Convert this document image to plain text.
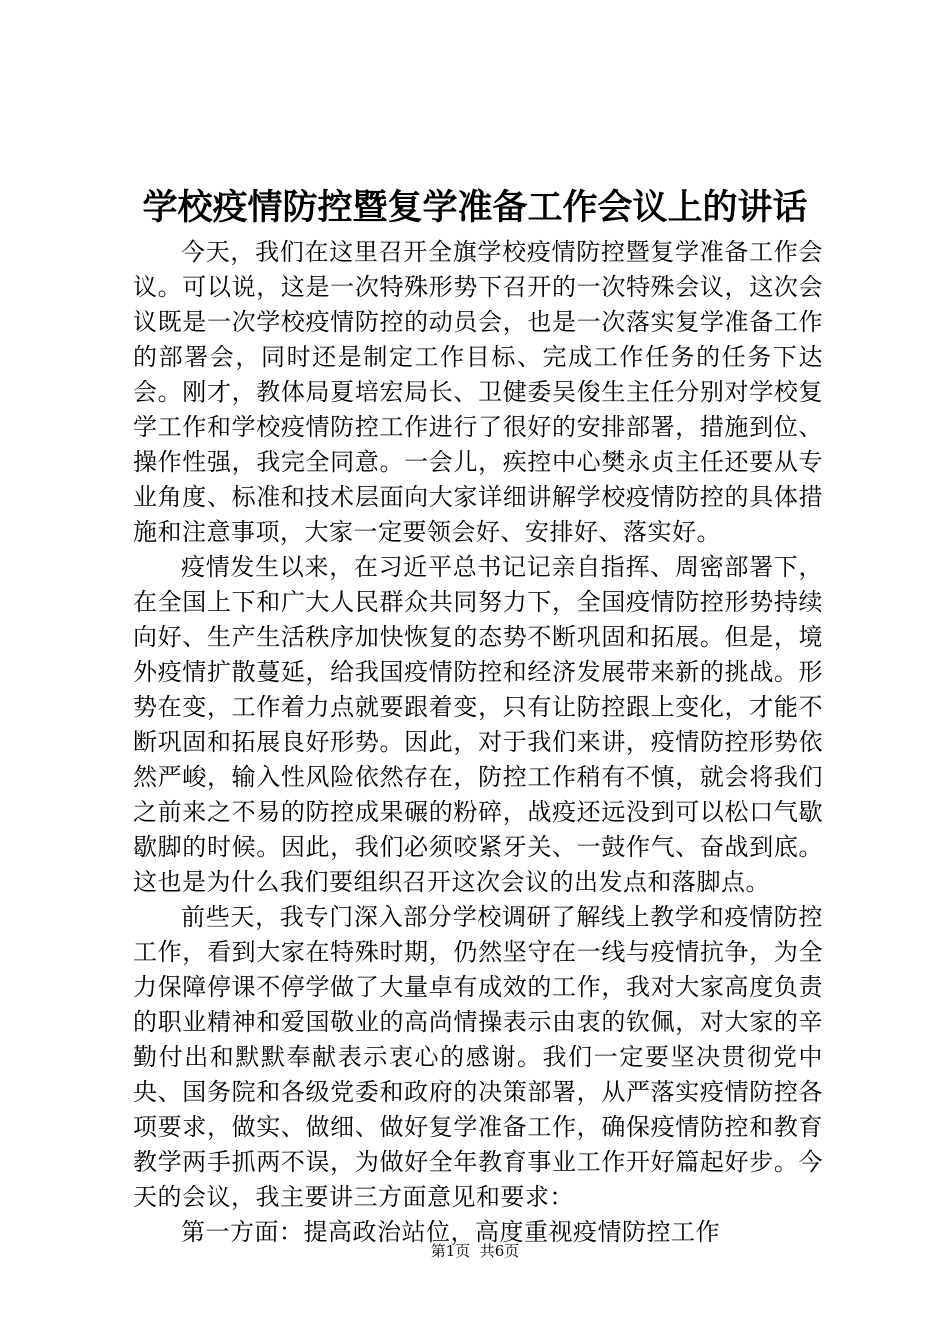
学校疫情防控暨复学准备工作会议上的讲话

今天，我们在这里召开全旗学校疫情防控暨复学准备工作会议。可以说，这是一次特殊形势下召开的一次特殊会议，这次会议既是一次学校疫情防控的动员会，也是一次落实复学准备工作的部署会，同时还是制定工作目标、完成工作任务的任务下达会。刚才，教体局夏培宏局长、卫健委吴俊生主任分别对学校复学工作和学校疫情防控工作进行了很好的安排部署，措施到位、操作性强，我完全同意。一会儿，疾控中心樊永贞主任还要从专业角度、标准和技术层面向大家详细讲解学校疫情防控的具体措施和注意事项，大家一定要领会好、安排好、落实好。

疫情发生以来，在习近平总书记记亲自指挥、周密部署下，在全国上下和广大人民群众共同努力下，全国疫情防控形势持续向好、生产生活秩序加快恢复的态势不断巩固和拓展。但是，境外疫情扩散蔓延，给我国疫情防控和经济发展带来新的挑战。形势在变，工作着力点就要跟着变，只有让防控跟上变化，才能不断巩固和拓展良好形势。因此，对于我们来讲，疫情防控形势依然严峻，输入性风险依然存在，防控工作稍有不慎，就会将我们之前来之不易的防控成果碾的粉碎，战疫还远没到可以松口气歇歇脚的时候。因此，我们必须咬紧牙关、一鼓作气、奋战到底。这也是为什么我们要组织召开这次会议的出发点和落脚点。

前些天，我专门深入部分学校调研了解线上教学和疫情防控工作，看到大家在特殊时期，仍然坚守在一线与疫情抗争，为全力保障停课不停学做了大量卓有成效的工作，我对大家高度负责的职业精神和爱国敬业的高尚情操表示由衷的钦佩，对大家的辛勤付出和默默奉献表示衷心的感谢。我们一定要坚决贯彻党中央、国务院和各级党委和政府的决策部署，从严落实疫情防控各项要求，做实、做细、做好复学准备工作，确保疫情防控和教育教学两手抓两不误，为做好全年教育事业工作开好篇起好步。今天的会议，我主要讲三方面意见和要求：

第一方面：提高政治站位，高度重视疫情防控工作

第1页  共6页
